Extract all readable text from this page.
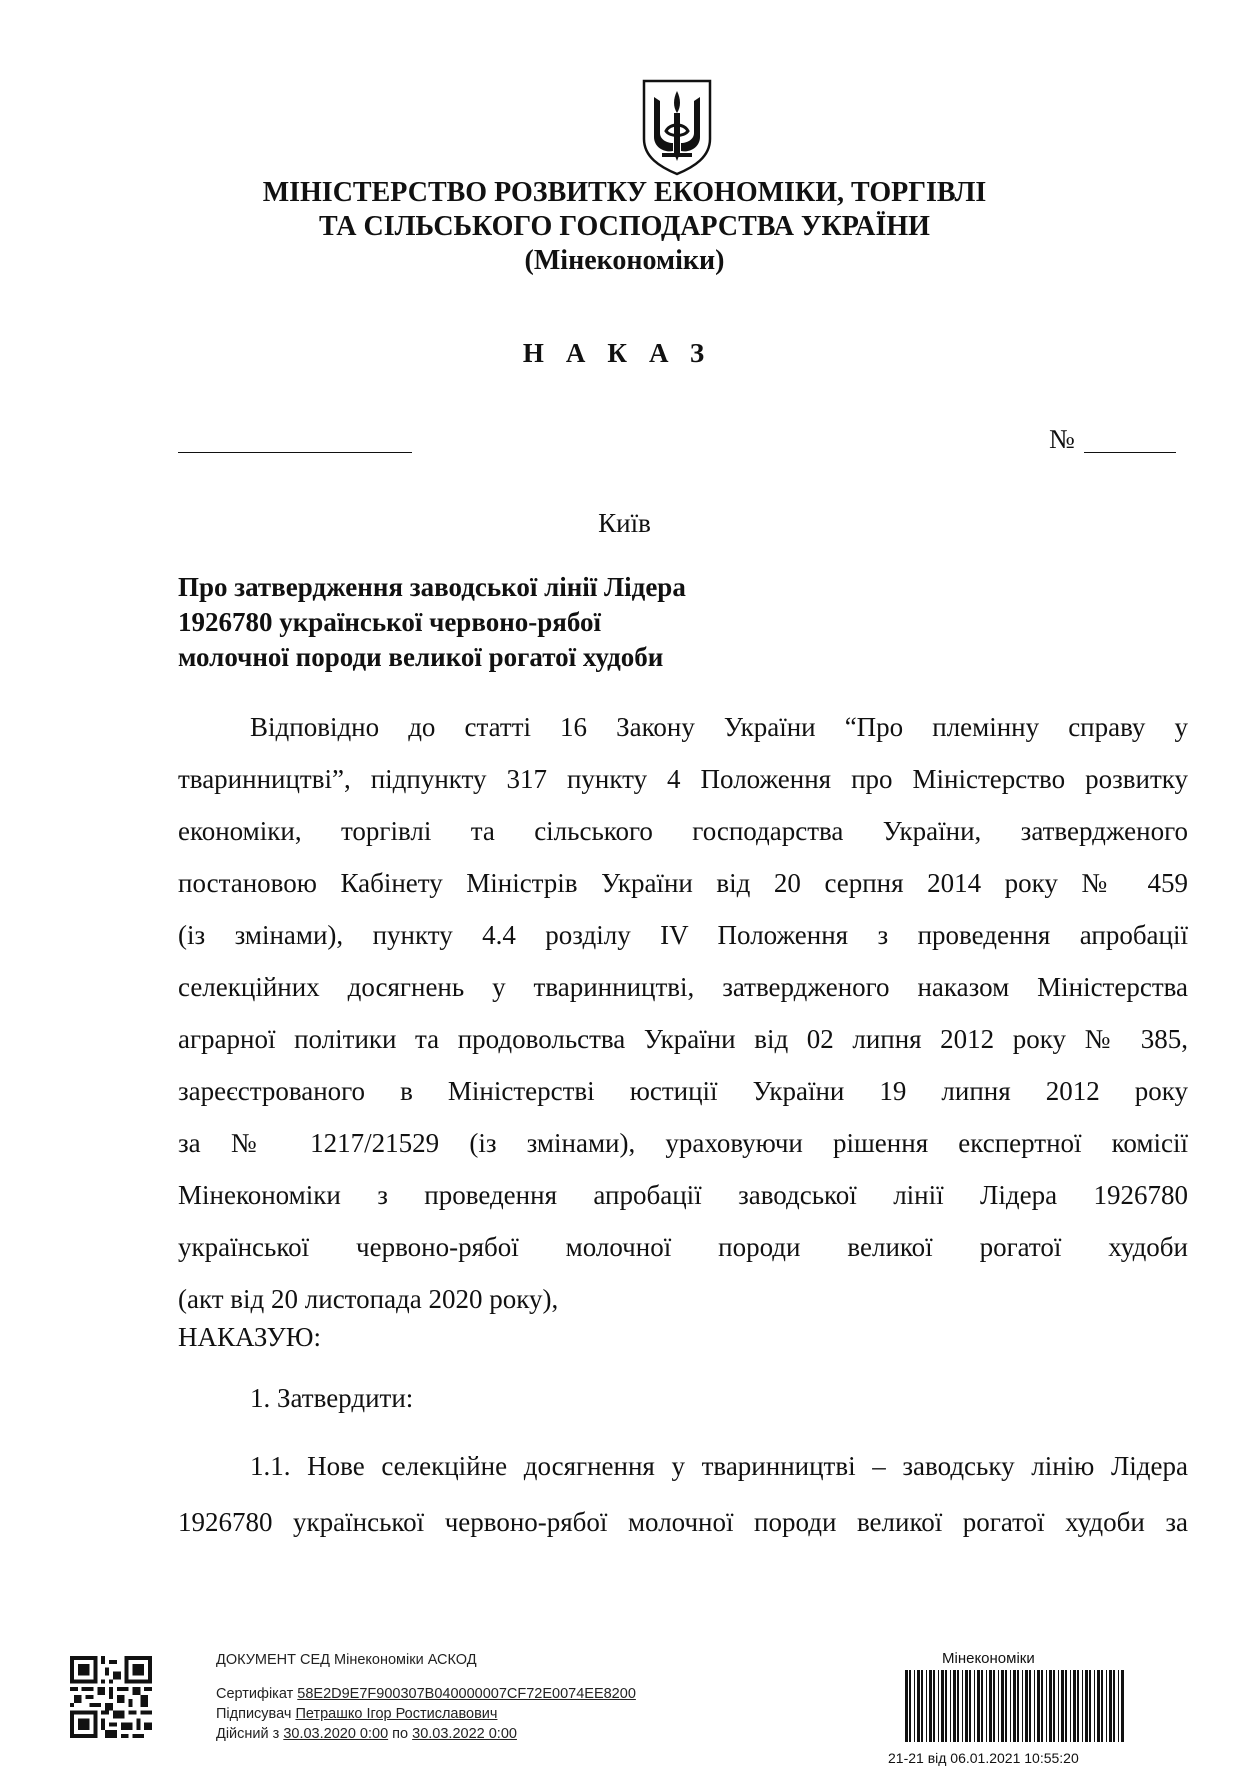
МІНІСТЕРСТВО РОЗВИТКУ ЕКОНОМІКИ, ТОРГІВЛІ
ТА СІЛЬСЬКОГО ГОСПОДАРСТВА УКРАЇНИ
(Мінекономіки)
НАКАЗ
№
Київ
Про затвердження заводської лінії Лідера
1926780 української червоно-рябої
молочної породи великої рогатої худоби
Відповідно до статті 16 Закону України “Про племінну справу у
тваринництві”, підпункту 317 пункту 4 Положення про Міністерство розвитку
економіки, торгівлі та сільського господарства України, затвердженого
постановою Кабінету Міністрів України від 20 серпня 2014 року № 459
(із змінами), пункту 4.4 розділу IV Положення з проведення апробації
селекційних досягнень у тваринництві, затвердженого наказом Міністерства
аграрної політики та продовольства України від 02 липня 2012 року № 385,
зареєстрованого в Міністерстві юстиції України 19 липня 2012 року
за № 1217/21529 (із змінами), ураховуючи рішення експертної комісії
Мінекономіки з проведення апробації заводської лінії Лідера 1926780
української червоно-рябої молочної породи великої рогатої худоби
(акт від 20 листопада 2020 року),
НАКАЗУЮ:
1. Затвердити:
1.1. Нове селекційне досягнення у тваринництві – заводську лінію Лідера
1926780 української червоно-рябої молочної породи великої рогатої худоби за
ДОКУМЕНТ СЕД Мінекономіки АСКОД
Сертифікат 58E2D9E7F900307B040000007CF72E0074EE8200
Підписувач Петрашко Ігор Ростиславович
Дійсний з 30.03.2020 0:00 по 30.03.2022 0:00
Мінекономіки
21-21 від 06.01.2021 10:55:20
